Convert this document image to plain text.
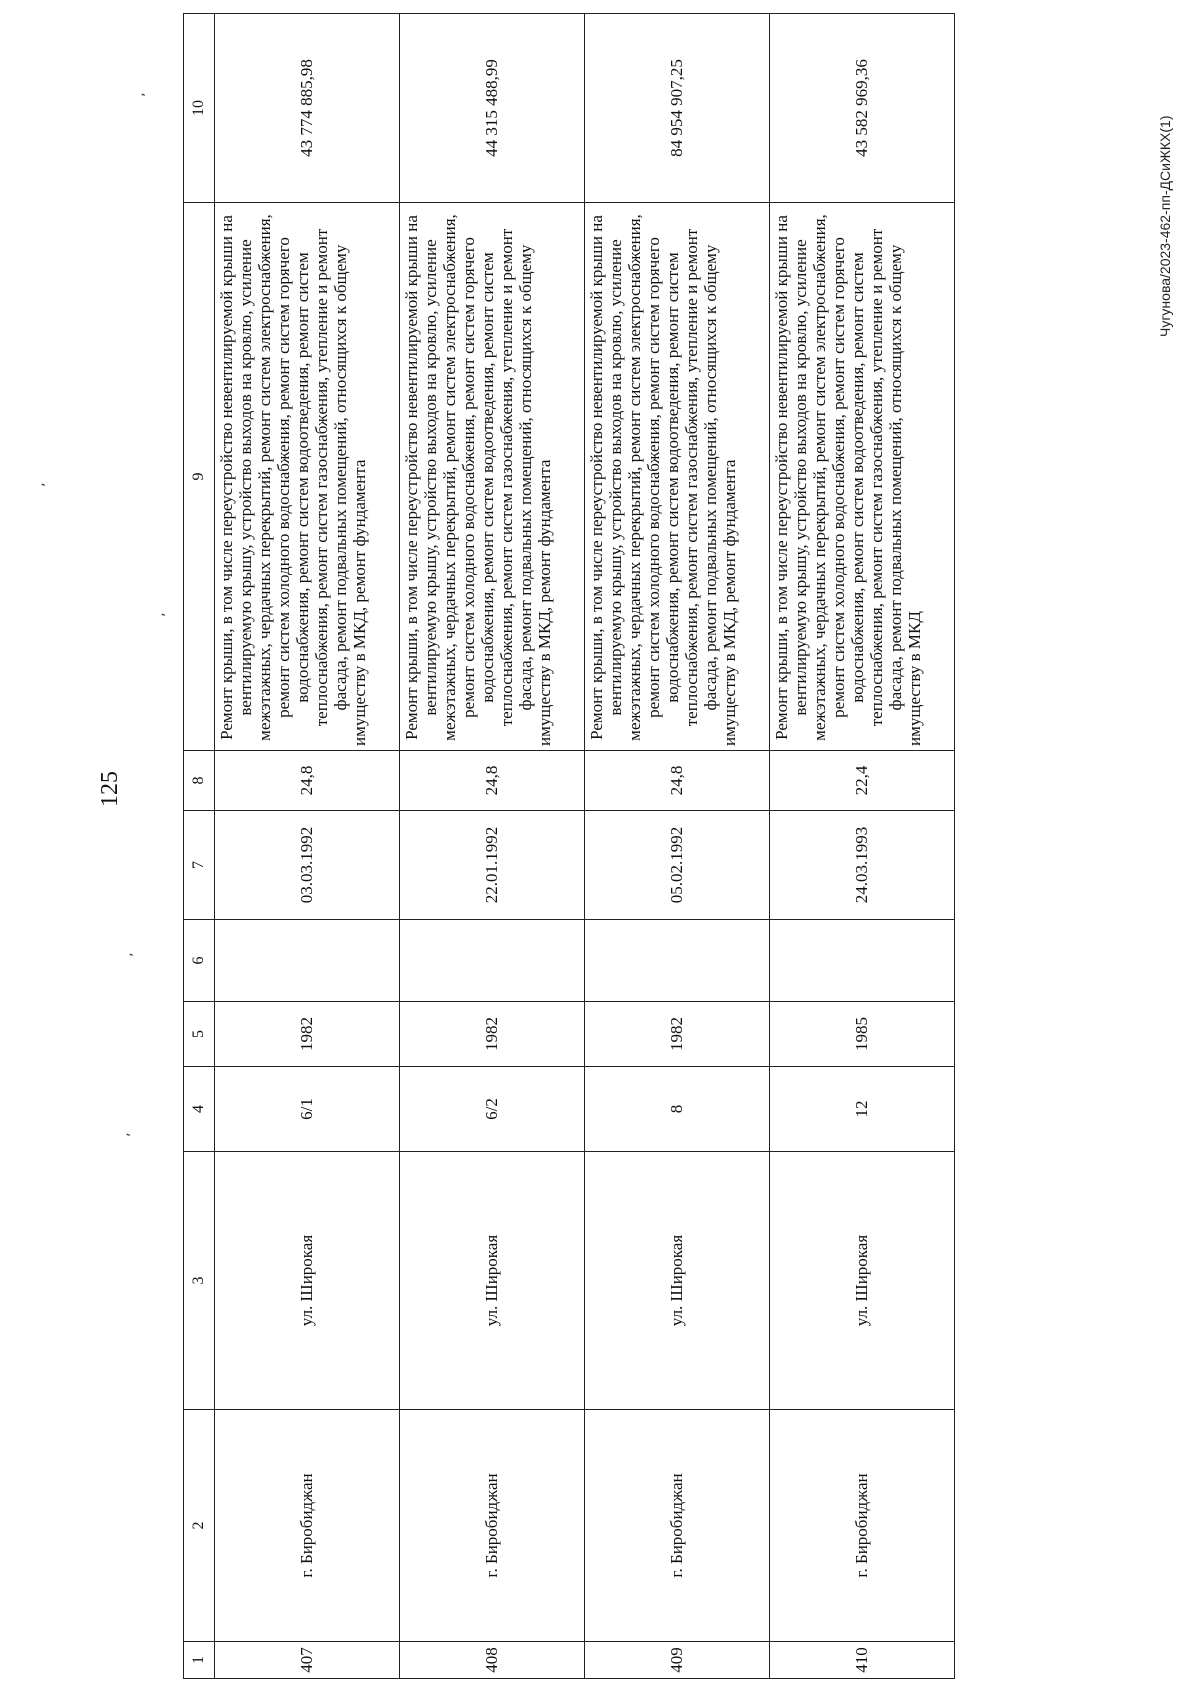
125
1	2	3	4	5	6	7	8	9	10
407	г. Биробиджан	ул. Широкая	6/1	1982		03.03.1992	24,8	Ремонт крыши, в том числе переустройство невентилируемой крыши на вентилируемую крышу, устройство выходов на кровлю, усиление межэтажных, чердачных перекрытий, ремонт систем электроснабжения, ремонт систем холодного водоснабжения, ремонт систем горячего водоснабжения, ремонт систем водоотведения, ремонт систем теплоснабжения, ремонт систем газоснабжения, утепление и ремонт фасада, ремонт подвальных помещений, относящихся к общему имуществу в МКД, ремонт фундамента	43 774 885,98
408	г. Биробиджан	ул. Широкая	6/2	1982		22.01.1992	24,8	Ремонт крыши, в том числе переустройство невентилируемой крыши на вентилируемую крышу, устройство выходов на кровлю, усиление межэтажных, чердачных перекрытий, ремонт систем электроснабжения, ремонт систем холодного водоснабжения, ремонт систем горячего водоснабжения, ремонт систем водоотведения, ремонт систем теплоснабжения, ремонт систем газоснабжения, утепление и ремонт фасада, ремонт подвальных помещений, относящихся к общему имуществу в МКД, ремонт фундамента	44 315 488,99
409	г. Биробиджан	ул. Широкая	8	1982		05.02.1992	24,8	Ремонт крыши, в том числе переустройство невентилируемой крыши на вентилируемую крышу, устройство выходов на кровлю, усиление межэтажных, чердачных перекрытий, ремонт систем электроснабжения, ремонт систем холодного водоснабжения, ремонт систем горячего водоснабжения, ремонт систем водоотведения, ремонт систем теплоснабжения, ремонт систем газоснабжения, утепление и ремонт фасада, ремонт подвальных помещений, относящихся к общему имуществу в МКД, ремонт фундамента	84 954 907,25
410	г. Биробиджан	ул. Широкая	12	1985		24.03.1993	22,4	Ремонт крыши, в том числе переустройство невентилируемой крыши на вентилируемую крышу, устройство выходов на кровлю, усиление межэтажных, чердачных перекрытий, ремонт систем электроснабжения, ремонт систем холодного водоснабжения, ремонт систем горячего водоснабжения, ремонт систем водоотведения, ремонт систем теплоснабжения, ремонт систем газоснабжения, утепление и ремонт фасада, ремонт подвальных помещений, относящихся к общему имуществу в МКД	43 582 969,36
Чугунова/2023-462-пп-ДСиЖКХ(1)
ʼ
ʼ
ʼ
ʼ
ʼ
